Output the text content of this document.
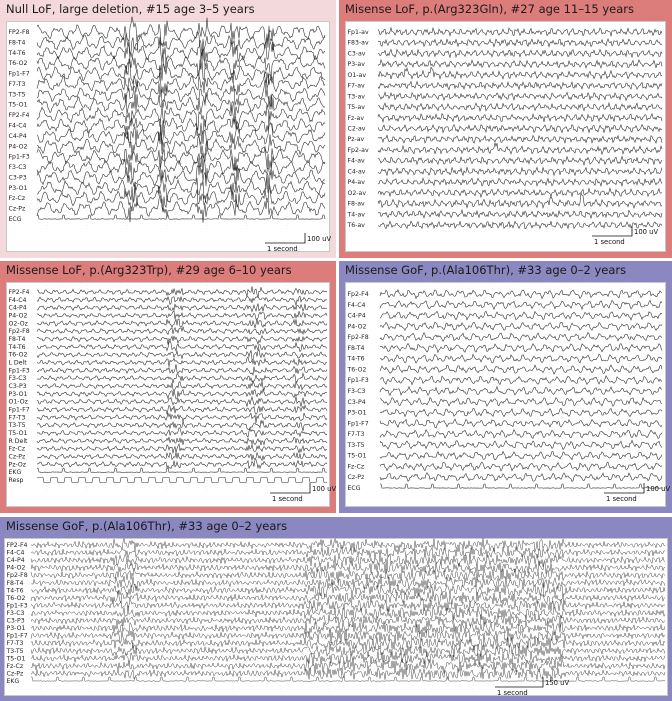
Null LoF, large deletion, #15 age 3–5 years
FP2-F8
F8-T4
T4-T6
T6-O2
Fp1-F7
F7-T3
T3-T5
T5-O1
FP2-F4
F4-C4
C4-P4
P4-O2
Fp1-F3
F3-C3
C3-P3
P3-O1
Fz-Cz
Cz-Pz
ECG
1 second
100 uV
Misense LoF, p.(Arg323Gln), #27 age 11–15 years
Fp1-av
F83-av
C3-av
P3-av
O1-av
F7-av
T3-av
T5-av
Fz-av
C2-av
Pz-av
Fp2-av
F4-av
C4-av
P4-av
O2-av
F8-av
T4-av
T6-av
1 second
100 uV
Missense LoF, p.(Arg323Trp), #29 age 6–10 years
FP2-F4
F4-C4
C4-P4
P4-O2
O2-Oz
Fp2-F8
F8-T4
T4-T6
T6-O2
L Delt
Fp1-F3
F3-C3
C3-P3
P3-O1
O1-Oz
Fp1-F7
F7-T3
T3-T5
T5-O1
R Delt
Fz-Cz
Cz-Pz
Pz-Oz
EKG
Resp
1 second
100 uV
Missense GoF, p.(Ala106Thr), #33 age 0–2 years
Fp2-F4
F4-C4
C4-P4
P4-O2
Fp2-F8
F8-T4
T4-T6
T6-O2
Fp1-F3
F3-C3
C3-P4
P3-O1
Fp1-F7
F7-T3
T3-T5
T5-O1
Fz-Cz
Cz-Pz
ECG
1 second
100 uV
Missense GoF, p.(Ala106Thr), #33 age 0–2 years
FP2-F4
F4-C4
C4-P4
P4-O2
Fp2-F8
F8-T4
T4-T6
T6-O2
Fp1-F3
F3-C3
C3-P3
P3-O1
Fp1-F7
F7-T3
T3-T5
T5-O1
Fz-Cz
Cz-Pz
EKG
1 second
150 uV
